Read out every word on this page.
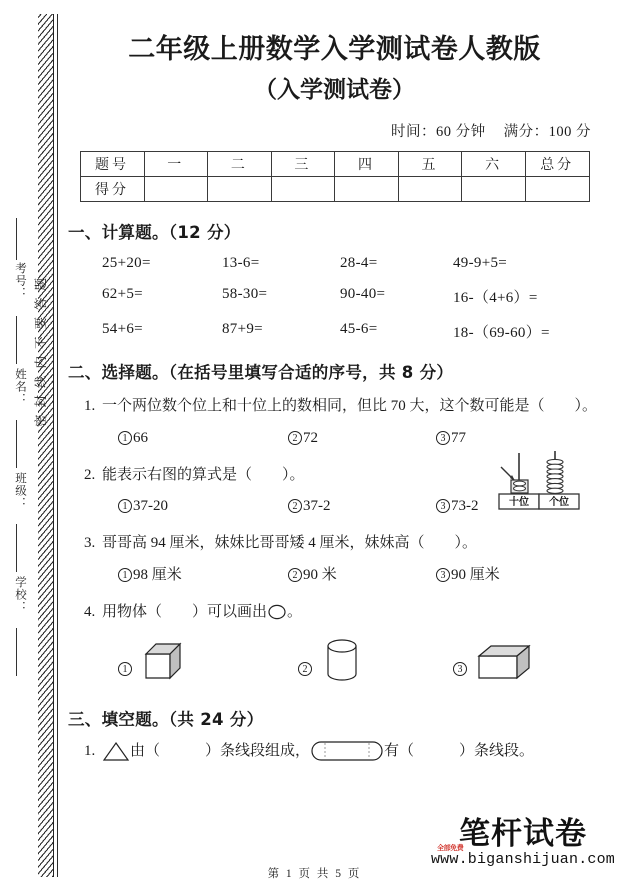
密封线内不要答题
考号：
姓名：
班级：
学校：
二年级上册数学入学测试卷人教版
（入学测试卷）
时间：60 分钟 满分：100 分
题号	一	二	三	四	五	六	总分
得分							
一、计算题。（12 分）
25+20=	13-6=	28-4=	49-9+5=
62+5=	58-30=	90-40=	16-（4+6）=
54+6=	87+9=	45-6=	18-（69-60）=
二、选择题。（在括号里填写合适的序号，共 8 分）
1. 一个两位数个位上和十位上的数相同，但比 70 大，这个数可能是（　　）。
1 66	2 72	3 77
2. 能表示右图的算式是（　　）。
十位 个位
1 37-20	2 37-2	3 73-2
3. 哥哥高 94 厘米，妹妹比哥哥矮 4 厘米，妹妹高（　　）。
1 98 厘米	2 90 米	3 90 厘米
4. 用物体（　　）可以画出 。
1	2	3
三、填空题。（共 24 分）
1.	由（　　　）条线段组成，	有（　　　）条线段。
笔杆试卷
www.biganshijuan.com
全部免费
第 1 页 共 5 页
